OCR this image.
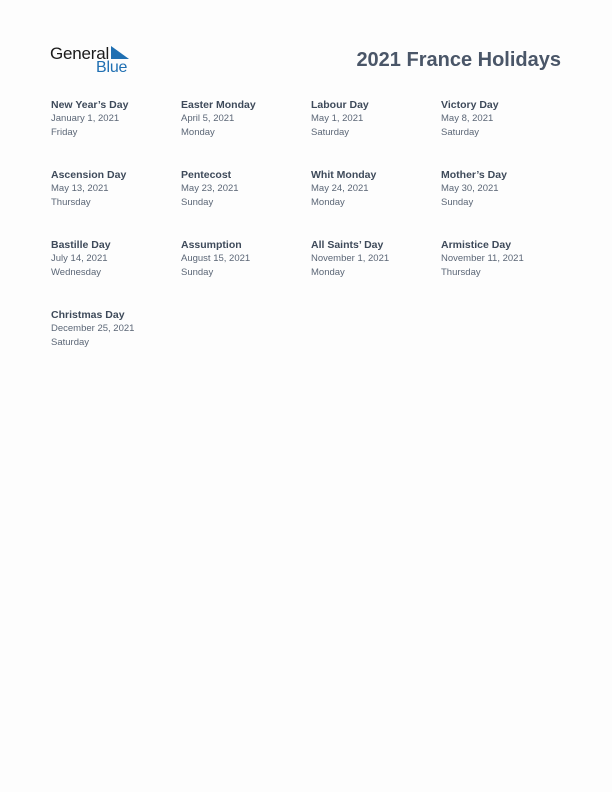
General
Blue	2021 France Holidays
New Year’s Day
January 1, 2021
Friday
Easter Monday
April 5, 2021
Monday
Labour Day
May 1, 2021
Saturday
Victory Day
May 8, 2021
Saturday
Ascension Day
May 13, 2021
Thursday
Pentecost
May 23, 2021
Sunday
Whit Monday
May 24, 2021
Monday
Mother’s Day
May 30, 2021
Sunday
Bastille Day
July 14, 2021
Wednesday
Assumption
August 15, 2021
Sunday
All Saints’ Day
November 1, 2021
Monday
Armistice Day
November 11, 2021
Thursday
Christmas Day
December 25, 2021
Saturday
